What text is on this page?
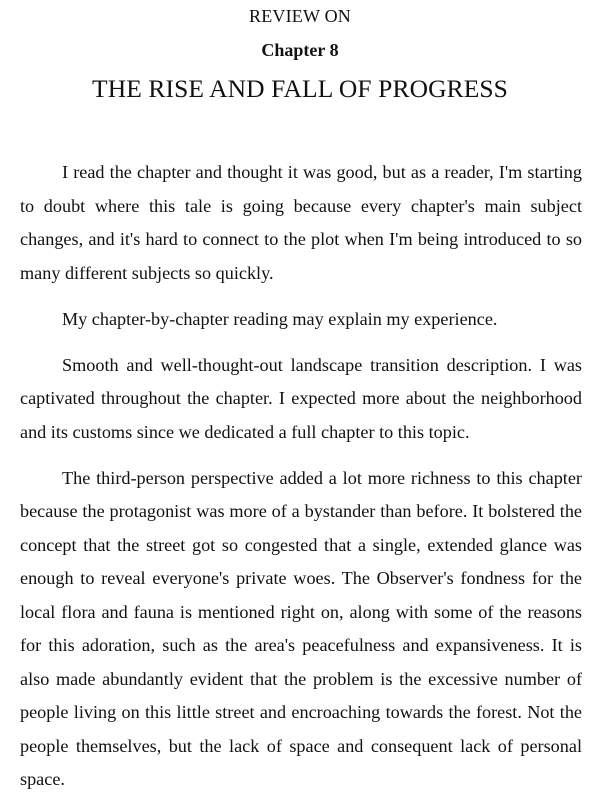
REVIEW ON
Chapter 8
THE RISE AND FALL OF PROGRESS

I read the chapter and thought it was good, but as a reader, I'm starting to doubt where this tale is going because every chapter's main subject changes, and it's hard to connect to the plot when I'm being introduced to so many different subjects so quickly.

My chapter-by-chapter reading may explain my experience.

Smooth and well-thought-out landscape transition description. I was captivated throughout the chapter. I expected more about the neighborhood and its customs since we dedicated a full chapter to this topic.

The third-person perspective added a lot more richness to this chapter because the protagonist was more of a bystander than before. It bolstered the concept that the street got so congested that a single, extended glance was enough to reveal everyone's private woes. The Observer's fondness for the local flora and fauna is mentioned right on, along with some of the reasons for this adoration, such as the area's peacefulness and expansiveness. It is also made abundantly evident that the problem is the excessive number of people living on this little street and encroaching towards the forest. Not the people themselves, but the lack of space and consequent lack of personal space.
